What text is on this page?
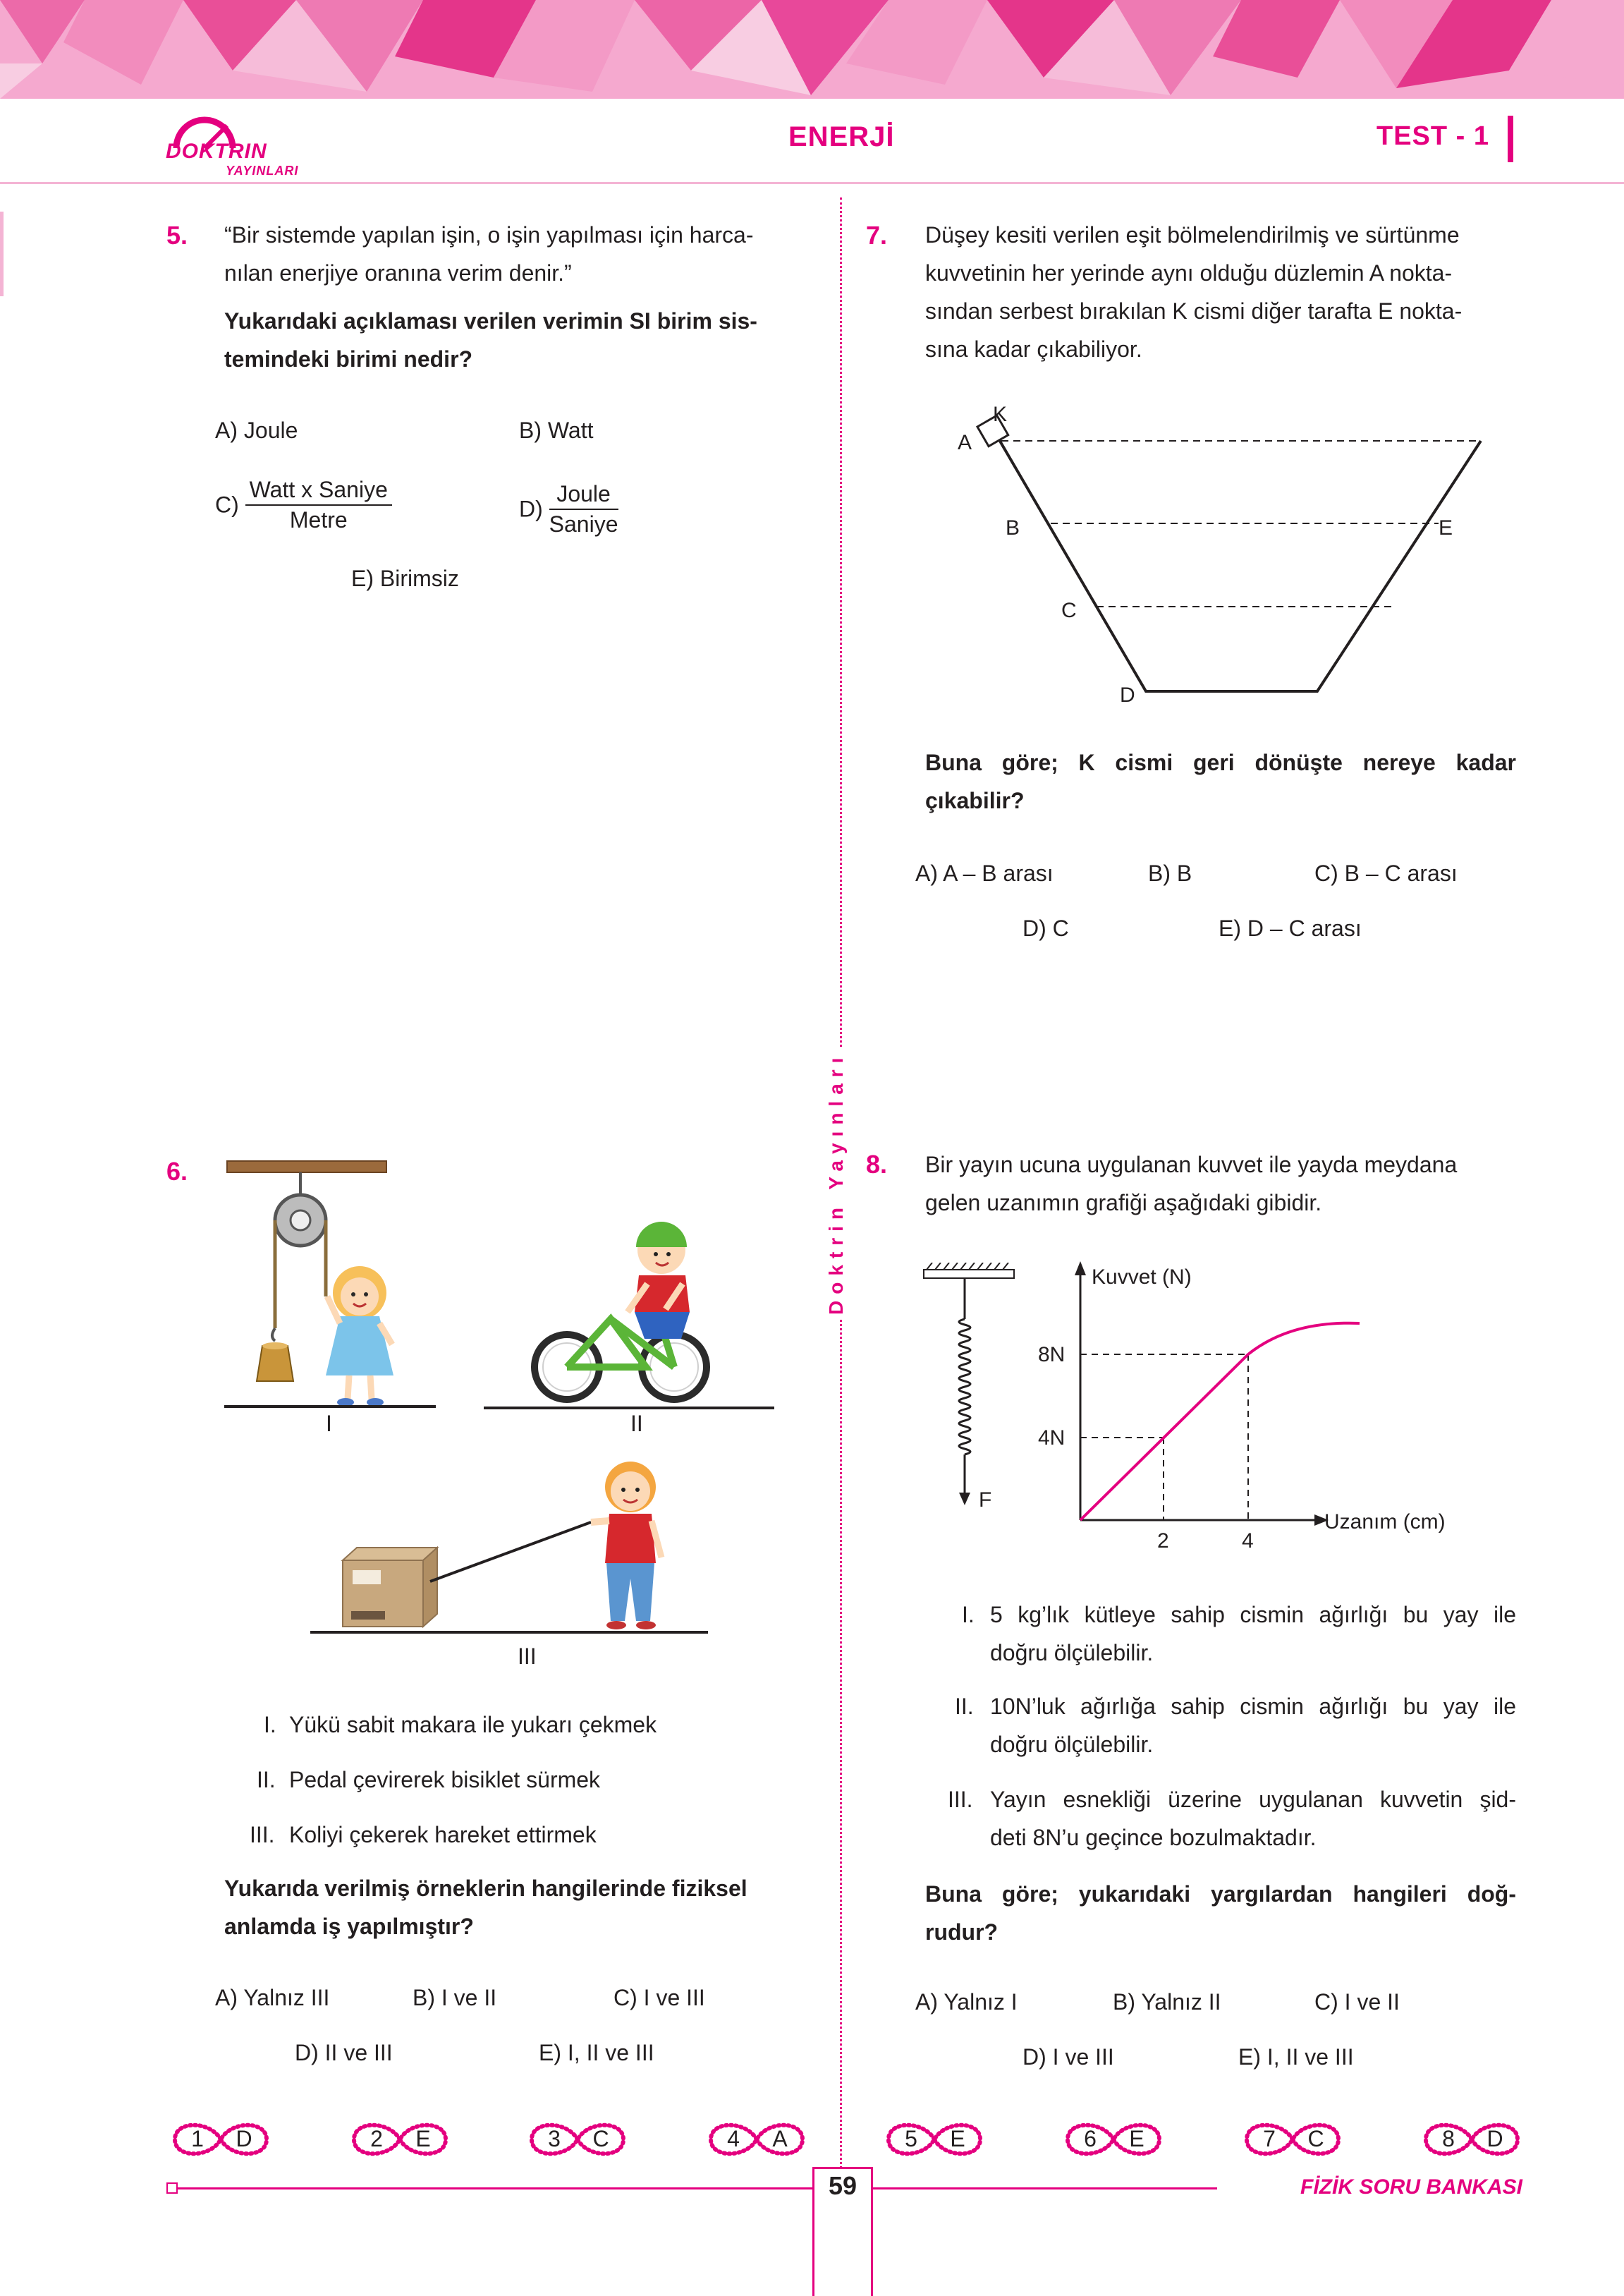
DOKTRIN
YAYINLARI
ENERJİ	TEST - 1
Doktrin Yayınları
5. “Bir sistemde yapılan işin, o işin yapılması için harca-
nılan enerjiye oranına verim denir.”
Yukarıdaki açıklaması verilen verimin SI birim sis-
temindeki birimi nedir?
A) Joule	B) Watt
$C) \frac{\text{Watt x Saniye}}{\text{Metre}}$	$D) \frac{\text{Joule}}{\text{Saniye}}$
E) Birimsiz
7. Düşey kesiti verilen eşit bölmelendirilmiş ve sürtünme
kuvvetinin her yerinde aynı olduğu düzlemin A nokta-
sından serbest bırakılan K cismi diğer tarafta E nokta-
sına kadar çıkabiliyor.
K
A
B
C
D
E
Buna göre; K cismi geri dönüşte nereye kadar
çıkabilir?
A) A – B arası	B) B	C) B – C arası
D) C	E) D – C arası
6.
I	II
III
I. Yükü sabit makara ile yukarı çekmek
II. Pedal çevirerek bisiklet sürmek
III. Koliyi çekerek hareket ettirmek
Yukarıda verilmiş örneklerin hangilerinde fiziksel
anlamda iş yapılmıştır?
A) Yalnız III	B) I ve II	C) I ve III
D) II ve III	E) I, II ve III
8. Bir yayın ucuna uygulanan kuvvet ile yayda meydana
gelen uzanımın grafiği aşağıdaki gibidir.
F
Kuvvet (N)
Uzanım (cm)
8N
4N
2	4
I. 5 kg’lık kütleye sahip cismin ağırlığı bu yay ile
doğru ölçülebilir.
II. 10N’luk ağırlığa sahip cismin ağırlığı bu yay ile
doğru ölçülebilir.
III. Yayın esnekliği üzerine uygulanan kuvvetin şid-
deti 8N’u geçince bozulmaktadır.
Buna göre; yukarıdaki yargılardan hangileri doğ-
rudur?
A) Yalnız I	B) Yalnız II	C) I ve II
D) I ve III	E) I, II ve III
1	D	2	E	3	C	4	A	5	E	6	E	7	C	8	D
59	FİZİK SORU BANKASI
